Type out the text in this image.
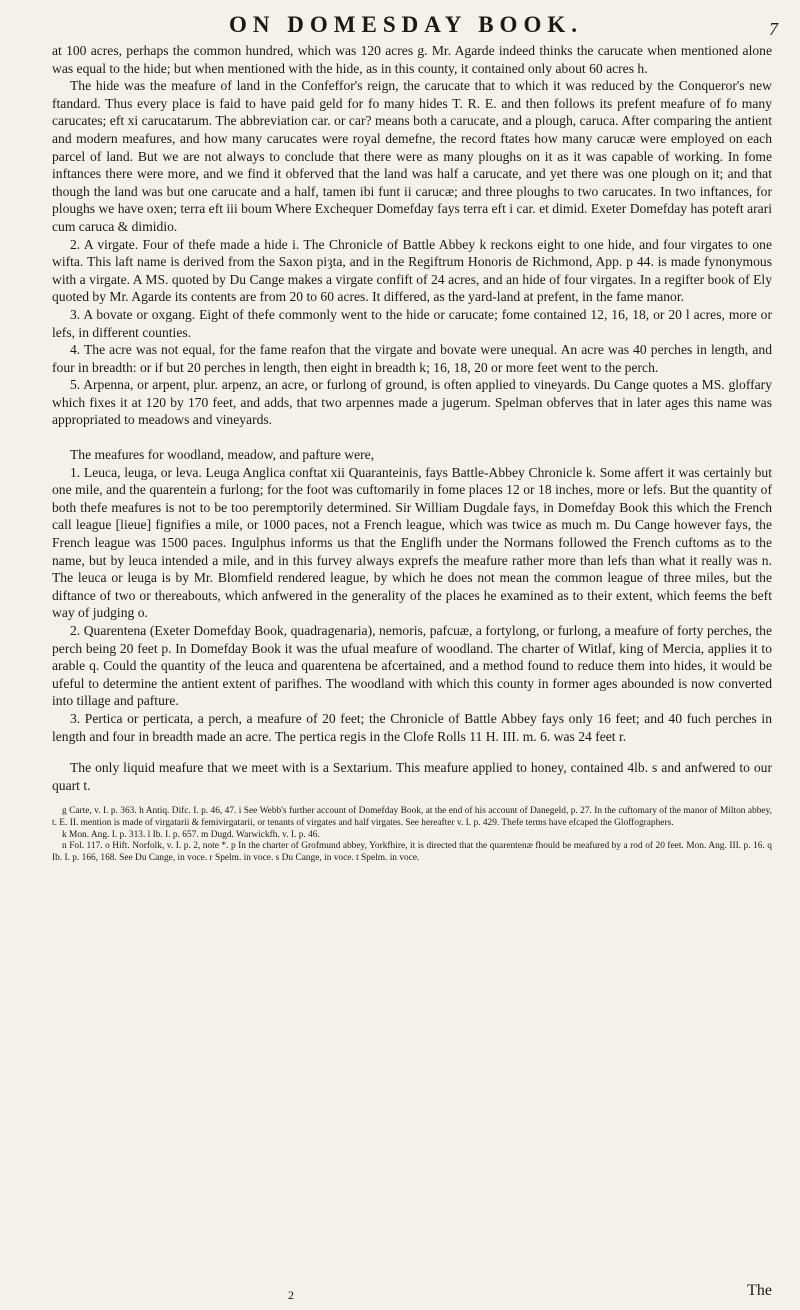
ON DOMESDAY BOOK.	7

at 100 acres, perhaps the common hundred, which was 120 acres g. Mr. Agarde indeed thinks the carucate when mentioned alone was equal to the hide; but when mentioned with the hide, as in this county, it contained only about 60 acres h.

The hide was the meafure of land in the Confeffor's reign, the carucate that to which it was reduced by the Conqueror's new ftandard. Thus every place is faid to have paid geld for fo many hides T. R. E. and then follows its prefent meafure of fo many carucates; eft xi carucatarum. The abbreviation car. or car? means both a carucate, and a plough, caruca. After comparing the antient and modern meafures, and how many carucates were royal demefne, the record ftates how many carucæ were employed on each parcel of land. But we are not always to conclude that there were as many ploughs on it as it was capable of working. In fome inftances there were more, and we find it obferved that the land was half a carucate, and yet there was one plough on it; and that though the land was but one carucate and a half, tamen ibi funt ii carucæ; and three ploughs to two carucates. In two inftances, for ploughs we have oxen; terra eft iii boum Where Exchequer Domefday fays terra eft i car. et dimid. Exeter Domefday has poteft arari cum caruca & dimidio.

2. A virgate. Four of thefe made a hide i. The Chronicle of Battle Abbey k reckons eight to one hide, and four virgates to one wifta. This laft name is derived from the Saxon piȝta, and in the Regiftrum Honoris de Richmond, App. p 44. is made fynonymous with a virgate. A MS. quoted by Du Cange makes a virgate confift of 24 acres, and an hide of four virgates. In a regifter book of Ely quoted by Mr. Agarde its contents are from 20 to 60 acres. It differed, as the yard-land at prefent, in the fame manor.

3. A bovate or oxgang. Eight of thefe commonly went to the hide or carucate; fome contained 12, 16, 18, or 20 l acres, more or lefs, in different counties.

4. The acre was not equal, for the fame reafon that the virgate and bovate were unequal. An acre was 40 perches in length, and four in breadth: or if but 20 perches in length, then eight in breadth k; 16, 18, 20 or more feet went to the perch.

5. Arpenna, or arpent, plur. arpenz, an acre, or furlong of ground, is often applied to vineyards. Du Cange quotes a MS. gloffary which fixes it at 120 by 170 feet, and adds, that two arpennes made a jugerum. Spelman obferves that in later ages this name was appropriated to meadows and vineyards.

The meafures for woodland, meadow, and pafture were,

1. Leuca, leuga, or leva. Leuga Anglica conftat xii Quaranteinis, fays Battle-Abbey Chronicle k. Some affert it was certainly but one mile, and the quarentein a furlong; for the foot was cuftomarily in fome places 12 or 18 inches, more or lefs. But the quantity of both thefe meafures is not to be too peremptorily determined. Sir William Dugdale fays, in Domefday Book this which the French call league [lieue] fignifies a mile, or 1000 paces, not a French league, which was twice as much m. Du Cange however fays, the French league was 1500 paces. Ingulphus informs us that the Englifh under the Normans followed the French cuftoms as to the name, but by leuca intended a mile, and in this furvey always exprefs the meafure rather more than lefs than what it really was n. The leuca or leuga is by Mr. Blomfield rendered league, by which he does not mean the common league of three miles, but the diftance of two or thereabouts, which anfwered in the generality of the places he examined as to their extent, which feems the beft way of judging o.

2. Quarentena (Exeter Domefday Book, quadragenaria), nemoris, pafcuæ, a fortylong, or furlong, a meafure of forty perches, the perch being 20 feet p. In Domefday Book it was the ufual meafure of woodland. The charter of Witlaf, king of Mercia, applies it to arable q. Could the quantity of the leuca and quarentena be afcertained, and a method found to reduce them into hides, it would be ufeful to determine the antient extent of parifhes. The woodland with which this county in former ages abounded is now converted into tillage and pafture.

3. Pertica or perticata, a perch, a meafure of 20 feet; the Chronicle of Battle Abbey fays only 16 feet; and 40 fuch perches in length and four in breadth made an acre. The pertica regis in the Clofe Rolls 11 H. III. m. 6. was 24 feet r.

The only liquid meafure that we meet with is a Sextarium. This meafure applied to honey, contained 4lb. s and anfwered to our quart t.

g Carte, v. I. p. 363. h Antiq. Difc. I. p. 46, 47. i See Webb's further account of Domefday Book, at the end of his account of Danegeld, p. 27. In the cuftomary of the manor of Milton abbey, t. E. II. mention is made of virgatarii & femivirgatarii, or tenants of virgates and half virgates. See hereafter v. I. p. 429. Thefe terms have efcaped the Gloffographers.

k Mon. Ang. I. p. 313. l Ib. I. p. 657. m Dugd. Warwickfh. v. I. p. 46.

n Fol. 117. o Hift. Norfolk, v. I. p. 2, note *. p In the charter of Grofmund abbey, Yorkfhire, it is directed that the quarentenæ fhould be meafured by a rod of 20 feet. Mon. Ang. III. p. 16. q Ib. I. p. 166, 168. See Du Cange, in voce. r Spelm. in voce. s Du Cange, in voce. t Spelm. in voce.

2	The
